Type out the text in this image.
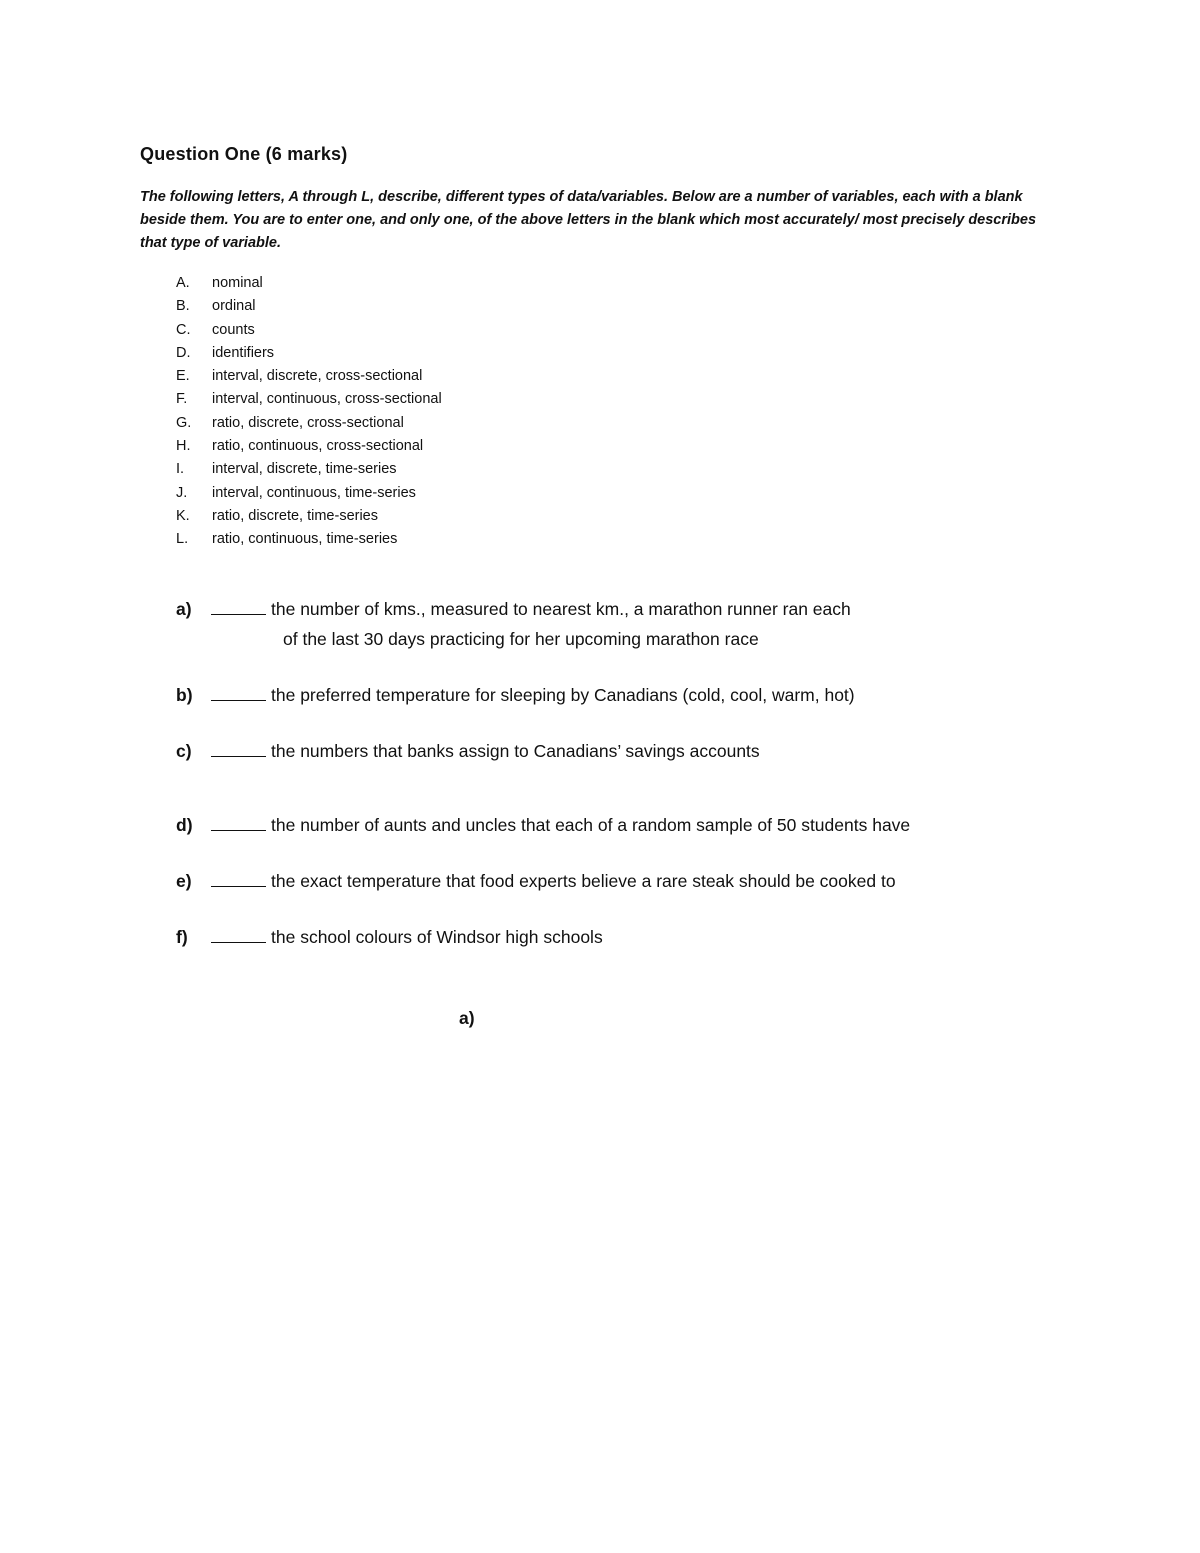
Question One (6 marks)
The following letters, A through L, describe, different types of data/variables. Below are a number of variables, each with a blank beside them. You are to enter one, and only one, of the above letters in the blank which most accurately/ most precisely describes that type of variable.
A.	nominal
B.	ordinal
C.	counts
D.	identifiers
E.	interval, discrete, cross-sectional
F.	interval, continuous, cross-sectional
G.	ratio, discrete, cross-sectional
H.	ratio, continuous, cross-sectional
I.	interval, discrete, time-series
J.	interval, continuous, time-series
K.	ratio, discrete, time-series
L.	ratio, continuous, time-series
a)	the number of kms., measured to nearest km., a marathon runner ran each
of the last 30 days practicing for her upcoming marathon race
b)	the preferred temperature for sleeping by Canadians (cold, cool, warm, hot)
c)	the numbers that banks assign to Canadians’ savings accounts
d)	the number of aunts and uncles that each of a random sample of 50 students have
e)	the exact temperature that food experts believe a rare steak should be cooked to
f)	the school colours of Windsor high schools
a)
